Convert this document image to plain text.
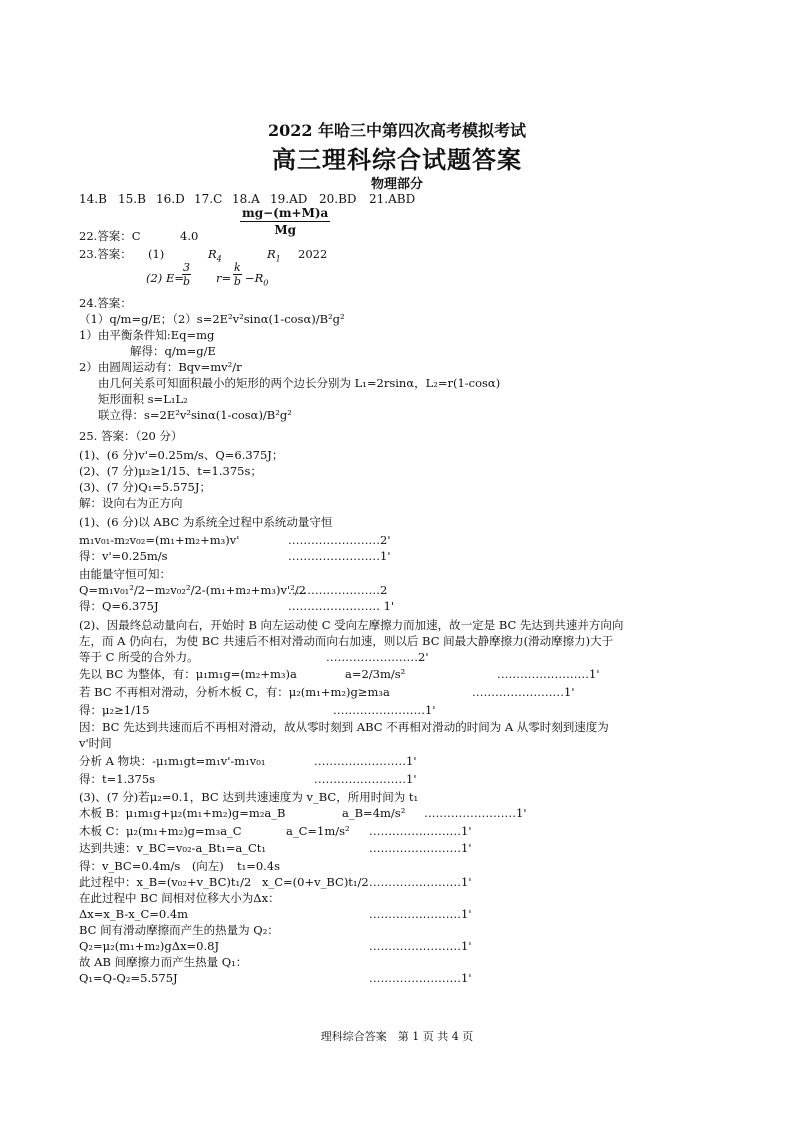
2022 年哈三中第四次高考模拟考试
高三理科综合试题答案
物理部分
14.B 15.B 16.D 17.C 18.A 19.AD 20.BD 21.ABD
22.答案：C	4.0	$\frac{mg-(m+M)a}{Mg}$
23.答案： (1)	$R_4$	$R_1$ 2022
(2) E=
$\frac{3}{b} r= \frac{k}{b} -R_0$
24.答案：
（1）q/m=g/E；（2）s=2E²v²sinα(1-cosα)/B²g²
1）由平衡条件知:Eq=mg
解得：q/m=g/E
2）由圆周运动有：Bqv=mv²/r
由几何关系可知面积最小的矩形的两个边长分别为 L₁=2rsinα，L₂=r(1-cosα)
矩形面积 s=L₁L₂
联立得：s=2E²v²sinα(1-cosα)/B²g²
25. 答案：（20 分）
(1)、(6 分)v'=0.25m/s、Q=6.375J；
(2)、(7 分)μ₂≥1/15、t=1.375s；
(3)、(7 分)Q₁=5.575J；
解：设向右为正方向
(1)、(6 分)以 ABC 为系统全过程中系统动量守恒
m₁v₀₁-m₂v₀₂=(m₁+m₂+m₃)v'	……………………2'
得：v'=0.25m/s	……………………1'
由能量守恒可知：
Q=m₁v₀₁²/2−m₂v₀₂²/2-(m₁+m₂+m₃)v'²/2
……………………2
得：Q=6.375J	…………………… 1'
(2)、因最终总动量向右，开始时 B 向左运动使 C 受向左摩擦力而加速，故一定是 BC 先达到共速并方向向
左，而 A 仍向右，为使 BC 共速后不相对滑动而向右加速，则以后 BC 间最大静摩擦力(滑动摩擦力)大于
等于 C 所受的合外力。	……………………2'
先以 BC 为整体，有：μ₁m₁g=(m₂+m₃)a	a=2/3m/s²	……………………1'
若 BC 不再相对滑动，分析木板 C，有：μ₂(m₁+m₂)g≥m₃a	……………………1'
得：μ₂≥1/15	……………………1'
因：BC 先达到共速而后不再相对滑动，故从零时刻到 ABC 不再相对滑动的时间为 A 从零时刻到速度为
v'时间
分析 A 物块：-μ₁m₁gt=m₁v'-m₁v₀₁	……………………1'
得：t=1.375s	……………………1'
(3)、(7 分)若μ₂=0.1，BC 达到共速速度为 v_BC，所用时间为 t₁
木板 B：μ₁m₁g+μ₂(m₁+m₂)g=m₂a_B	a_B=4m/s² ……………………1'
木板 C：μ₂(m₁+m₂)g=m₃a_C	a_C=1m/s² ……………………1'
达到共速：v_BC=v₀₂-a_Bt₁=a_Ct₁	……………………1'
得：v_BC=0.4m/s　(向左) t₁=0.4s
此过程中：x_B=(v₀₂+v_BC)t₁/2 x_C=(0+v_BC)t₁/2 ……………………1'
在此过程中 BC 间相对位移大小为Δx：
Δx=x_B-x_C=0.4m	……………………1'
BC 间有滑动摩擦而产生的热量为 Q₂：
Q₂=μ₂(m₁+m₂)gΔx=0.8J	……………………1'
故 AB 间摩擦力而产生热量 Q₁：
Q₁=Q-Q₂=5.575J	……………………1'
理科综合答案　第 1 页 共 4 页
